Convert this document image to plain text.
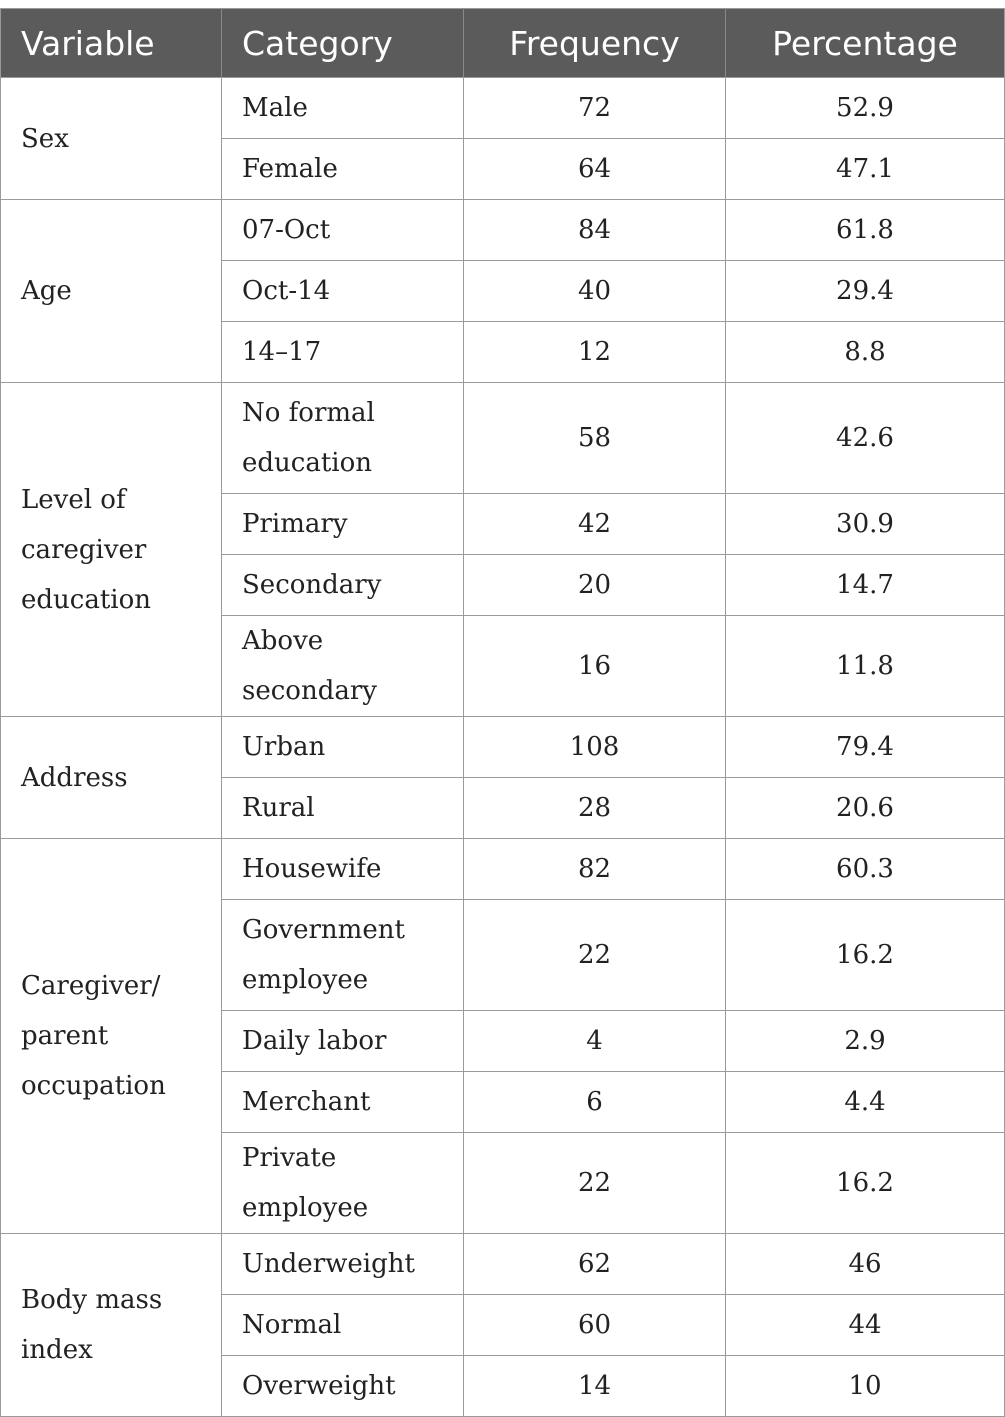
Variable	Category	Frequency	Percentage
Sex	Male	72	52.9
	Female	64	47.1
Age	07-Oct	84	61.8
	Oct-14	40	29.4
	14–17	12	8.8
Level of caregiver education	No formal education	58	42.6
	Primary	42	30.9
	Secondary	20	14.7
	Above secondary	16	11.8
Address	Urban	108	79.4
	Rural	28	20.6
Caregiver/ parent occupation	Housewife	82	60.3
	Government employee	22	16.2
	Daily labor	4	2.9
	Merchant	6	4.4
	Private employee	22	16.2
Body mass index	Underweight	62	46
	Normal	60	44
	Overweight	14	10
